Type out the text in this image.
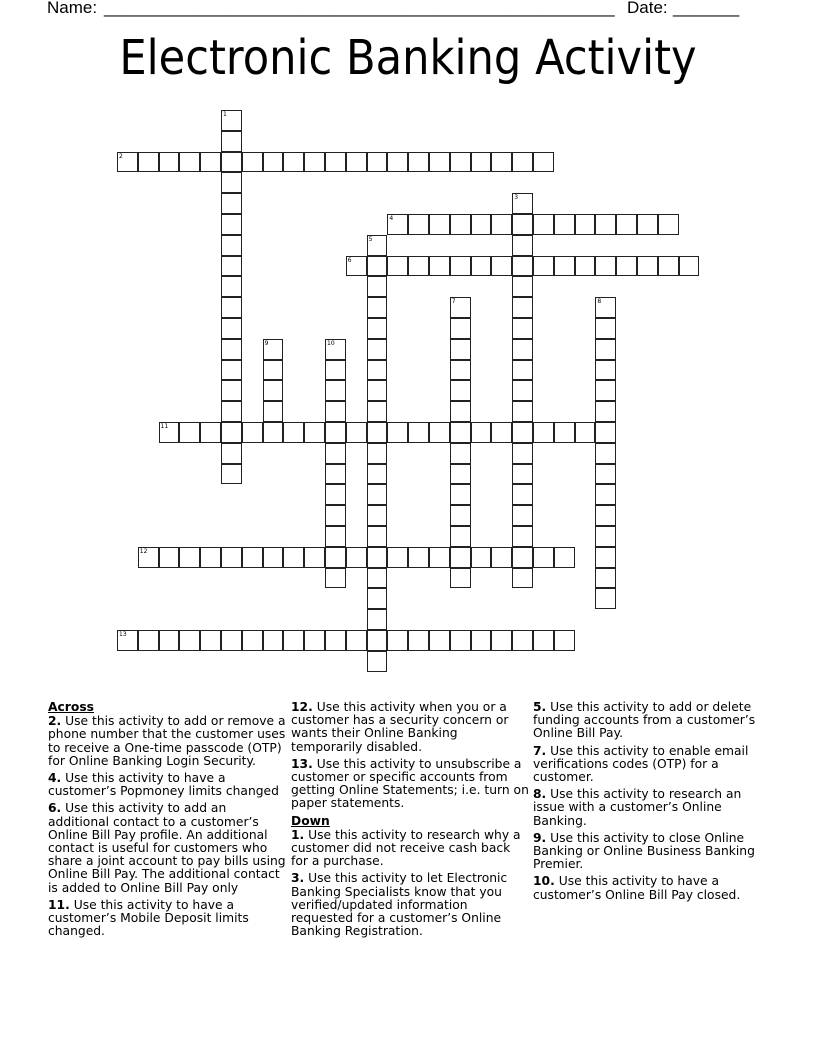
Name: ______________________________________________________ Date: _______
Electronic Banking Activity
1
2
3
4
5
6
7	8
9	10
11
12
13
Across
2. Use this activity to add or remove a phone number that the customer uses to receive a One-time passcode (OTP) for Online Banking Login Security.
4. Use this activity to have a customer’s Popmoney limits changed
6. Use this activity to add an additional contact to a customer’s Online Bill Pay profile. An additional contact is useful for customers who share a joint account to pay bills using Online Bill Pay. The additional contact is added to Online Bill Pay only
11. Use this activity to have a customer’s Mobile Deposit limits changed.
12. Use this activity when you or a customer has a security concern or wants their Online Banking temporarily disabled.
13. Use this activity to unsubscribe a customer or specific accounts from getting Online Statements; i.e. turn on paper statements.
Down
1. Use this activity to research why a customer did not receive cash back for a purchase.
3. Use this activity to let Electronic Banking Specialists know that you verified/updated information requested for a customer’s Online Banking Registration.
5. Use this activity to add or delete funding accounts from a customer’s Online Bill Pay.
7. Use this activity to enable email verifications codes (OTP) for a customer.
8. Use this activity to research an issue with a customer’s Online Banking.
9. Use this activity to close Online Banking or Online Business Banking Premier.
10. Use this activity to have a customer’s Online Bill Pay closed.
